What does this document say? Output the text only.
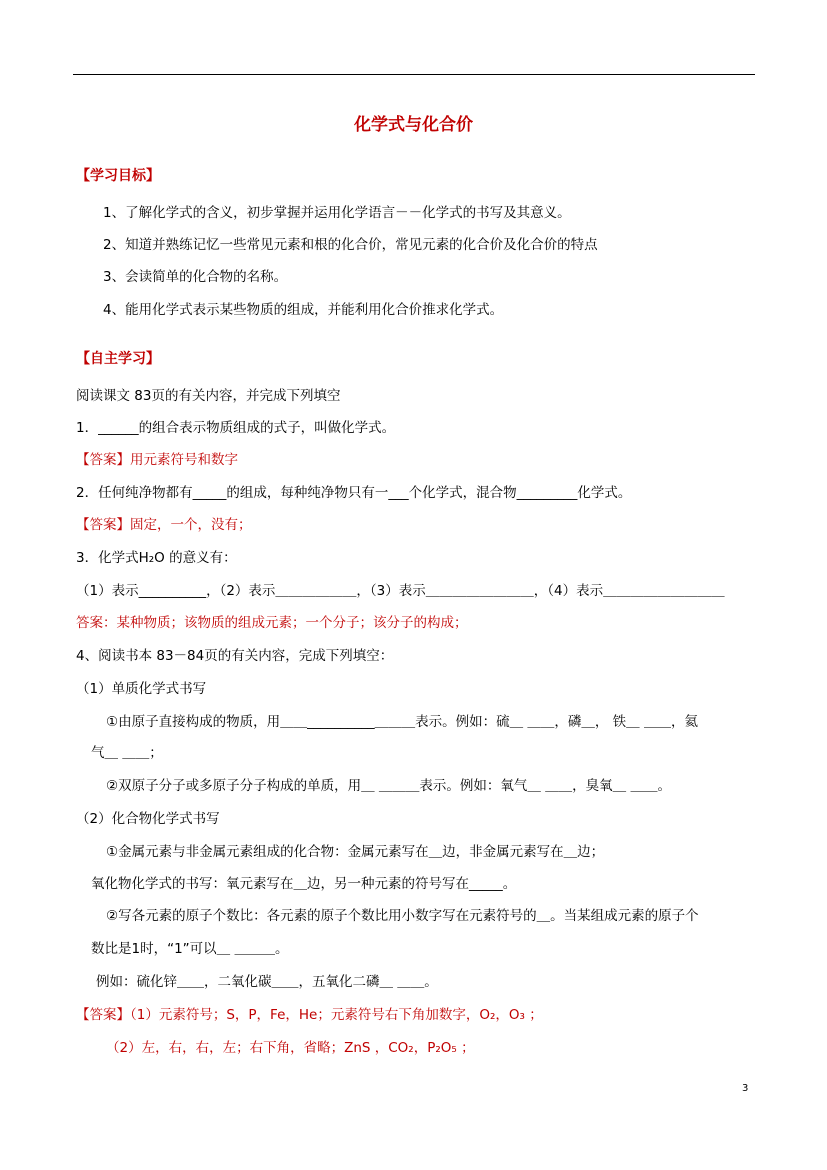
化学式与化合价
【学习目标】
1、了解化学式的含义，初步掌握并运用化学语言－－化学式的书写及其意义。
2、知道并熟练记忆一些常见元素和根的化合价，常见元素的化合价及化合价的特点
3、会读简单的化合物的名称。
4、能用化学式表示某些物质的组成，并能利用化合价推求化学式。
【自主学习】
阅读课文 83页的有关内容，并完成下列填空
1．______的组合表示物质组成的式子，叫做化学式。
【答案】用元素符号和数字
2．任何纯净物都有_____的组成，每种纯净物只有一___个化学式，混合物_________化学式。
【答案】固定，一个，没有；
3．化学式H₂O 的意义有：
（1）表示__________，（2）表示＿＿＿＿＿＿，（3）表示＿＿＿＿＿＿＿＿，（4）表示＿＿＿＿＿＿＿＿＿
答案：某种物质；该物质的组成元素；一个分子；该分子的构成；
4、阅读书本 83－84页的有关内容，完成下列填空：
（1）单质化学式书写
①由原子直接构成的物质，用＿＿__________＿＿＿表示。例如：硫＿ ＿＿，磷＿， 铁＿ ＿＿，氦
气＿ ＿＿；
②双原子分子或多原子分子构成的单质，用＿ ＿＿＿表示。例如：氧气＿ ＿＿，臭氧＿ ＿＿。
（2）化合物化学式书写
①金属元素与非金属元素组成的化合物：金属元素写在＿边，非金属元素写在＿边；
氧化物化学式的书写：氧元素写在＿边，另一种元素的符号写在_____。
②写各元素的原子个数比：各元素的原子个数比用小数字写在元素符号的＿。当某组成元素的原子个
数比是1时，“1”可以＿ ＿＿＿。
例如：硫化锌＿＿，二氧化碳＿＿，五氧化二磷＿ ＿＿。
【答案】（1）元素符号；S，P，Fe，He；元素符号右下角加数字，O₂，O₃ ；
（2）左，右，右，左；右下角，省略；ZnS ，CO₂，P₂O₅ ；
3
